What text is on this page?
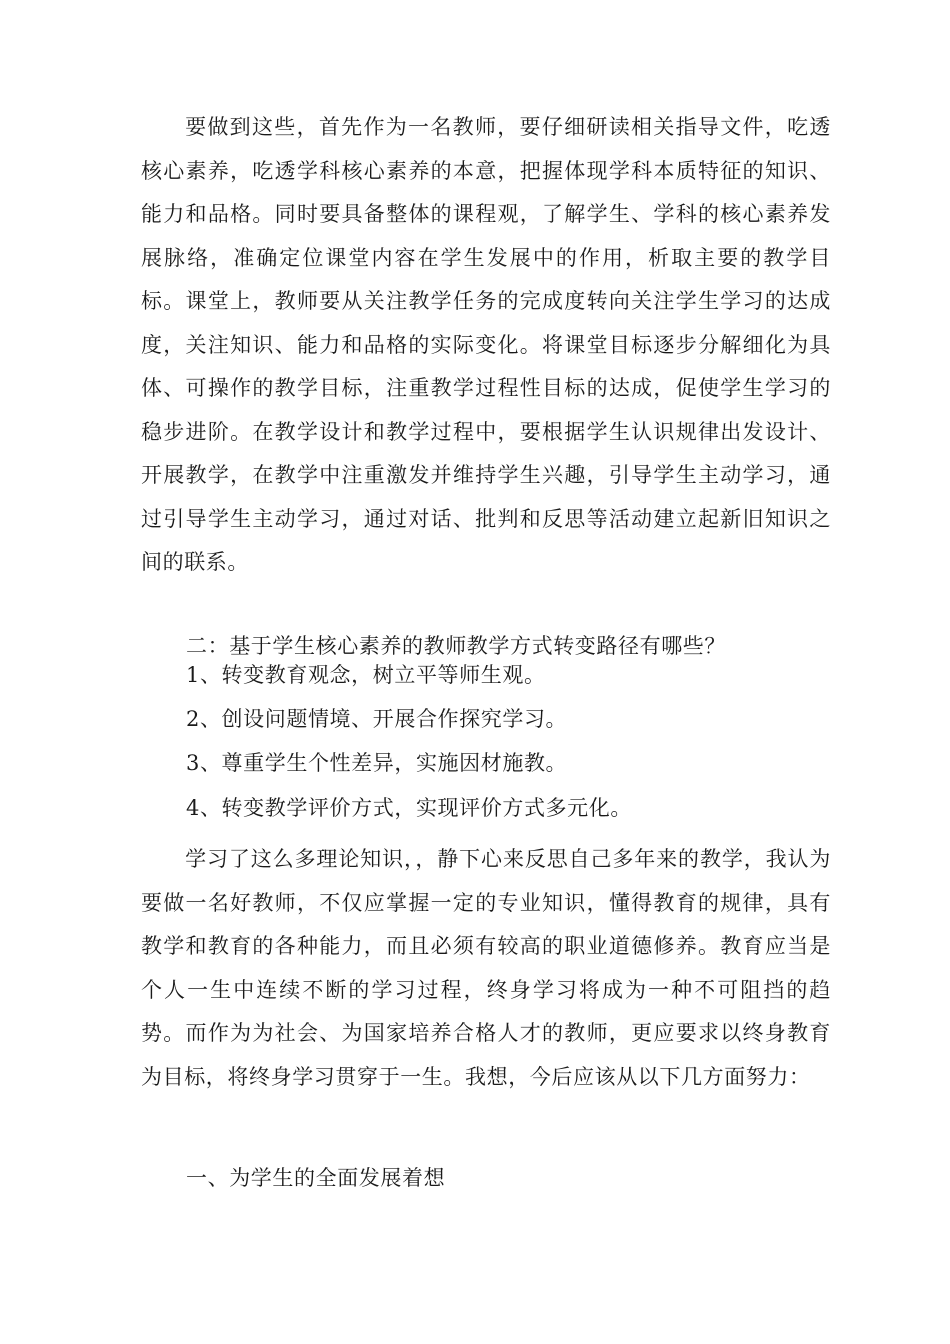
要做到这些，首先作为一名教师，要仔细研读相关指导文件，吃透核心素养，吃透学科核心素养的本意，把握体现学科本质特征的知识、能力和品格。同时要具备整体的课程观，了解学生、学科的核心素养发展脉络，准确定位课堂内容在学生发展中的作用，析取主要的教学目标。课堂上，教师要从关注教学任务的完成度转向关注学生学习的达成度，关注知识、能力和品格的实际变化。将课堂目标逐步分解细化为具体、可操作的教学目标，注重教学过程性目标的达成，促使学生学习的稳步进阶。在教学设计和教学过程中，要根据学生认识规律出发设计、开展教学，在教学中注重激发并维持学生兴趣，引导学生主动学习，通过引导学生主动学习，通过对话、批判和反思等活动建立起新旧知识之间的联系。

二：基于学生核心素养的教师教学方式转变路径有哪些？

1、转变教育观念，树立平等师生观。

2、创设问题情境、开展合作探究学习。

3、尊重学生个性差异，实施因材施教。

4、转变教学评价方式，实现评价方式多元化。

学习了这么多理论知识，，静下心来反思自己多年来的教学，我认为要做一名好教师，不仅应掌握一定的专业知识，懂得教育的规律，具有教学和教育的各种能力，而且必须有较高的职业道德修养。教育应当是个人一生中连续不断的学习过程，终身学习将成为一种不可阻挡的趋势。而作为为社会、为国家培养合格人才的教师，更应要求以终身教育为目标，将终身学习贯穿于一生。我想，今后应该从以下几方面努力：

一、为学生的全面发展着想
